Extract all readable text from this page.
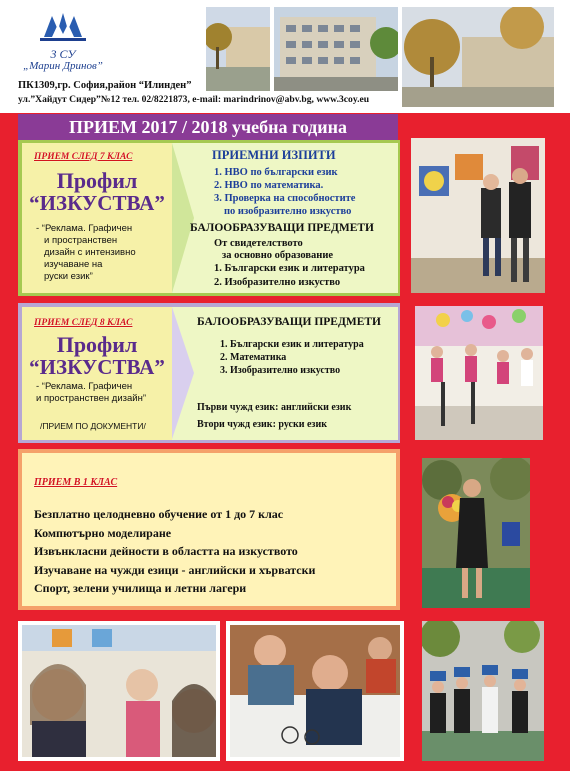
3 СУ
„Марин Дринов”
ПК1309,гр. София,район “Илинден”
ул.”Хайдут Сидер”№12 тел. 02/8221873, e-mail: marindrinov@abv.bg, www.3coy.eu
ПРИЕМ 2017 / 2018 учебна година
ПРИЕМ СЛЕД 7 КЛАС
Профил
“ИЗКУСТВА”
- “Реклама. Графичен
и пространствен
дизайн с интензивно
изучаване на
руски език”
ПРИЕМНИ ИЗПИТИ
1. НВО по български език
2. НВО по математика.
3. Проверка на способностите
по изобразително изкуство
БАЛООБРАЗУВАЩИ ПРЕДМЕТИ
От свидетелството
за основно образование
1. Български език и литература
2. Изобразително изкуство
ПРИЕМ СЛЕД 8 КЛАС
Профил
“ИЗКУСТВА”
- “Реклама. Графичен
и пространствен дизайн”
/ПРИЕМ ПО ДОКУМЕНТИ/
БАЛООБРАЗУВАЩИ ПРЕДМЕТИ
1. Български език и литература
2. Математика
3. Изобразително изкуство
Първи чужд език: английски език
Втори чужд език: руски език
ПРИЕМ В 1 КЛАС
Безплатно целодневно обучение от 1 до 7 клас
Компютърно моделиране
Извънкласни дейности в областта на изкуството
Изучаване на чужди езици - английски и хърватски
Спорт, зелени училища и летни лагери
